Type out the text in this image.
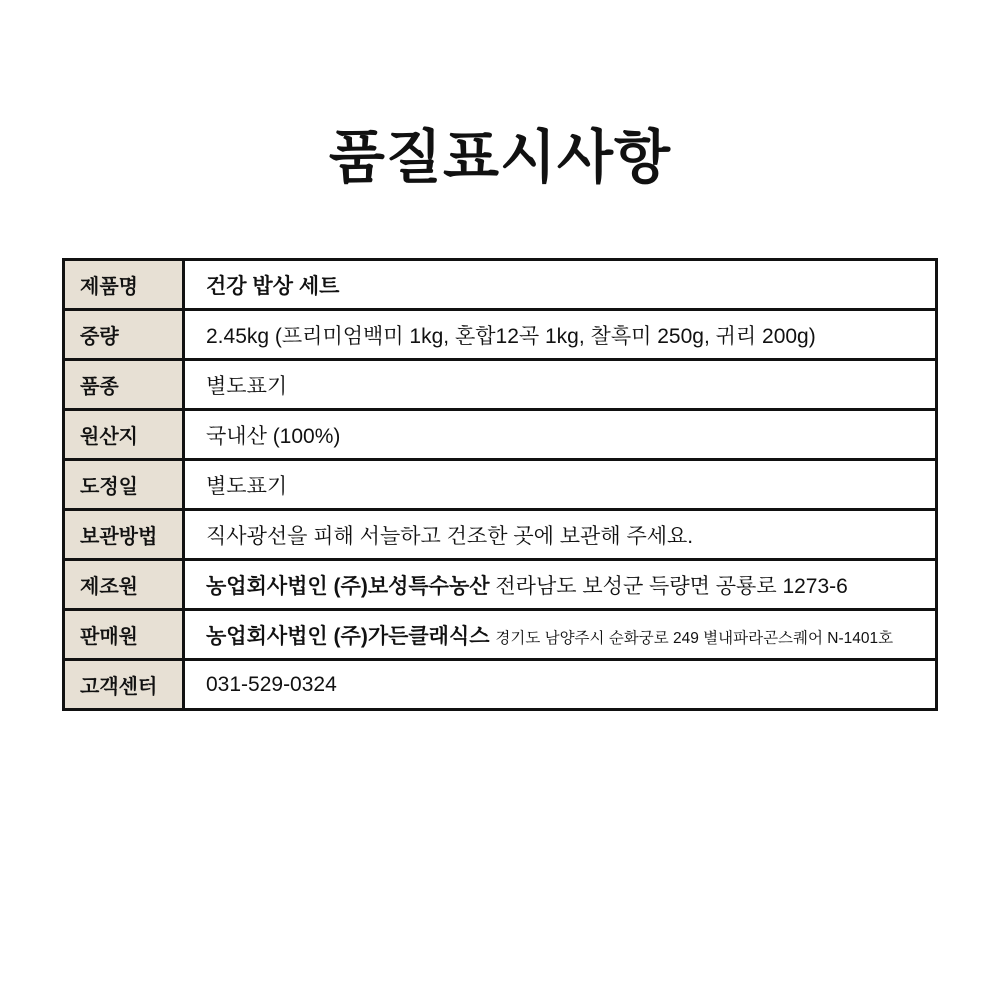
품질표시사항
제품명	건강 밥상 세트
중량	2.45kg (프리미엄백미 1kg, 혼합12곡 1kg, 찰흑미 250g, 귀리 200g)
품종	별도표기
원산지	국내산 (100%)
도정일	별도표기
보관방법	직사광선을 피해 서늘하고 건조한 곳에 보관해 주세요.
제조원	농업회사법인 (주)보성특수농산 전라남도 보성군 득량면 공룡로 1273-6
판매원	농업회사법인 (주)가든클래식스 경기도 남양주시 순화궁로 249 별내파라곤스퀘어 N-1401호
고객센터	031-529-0324
